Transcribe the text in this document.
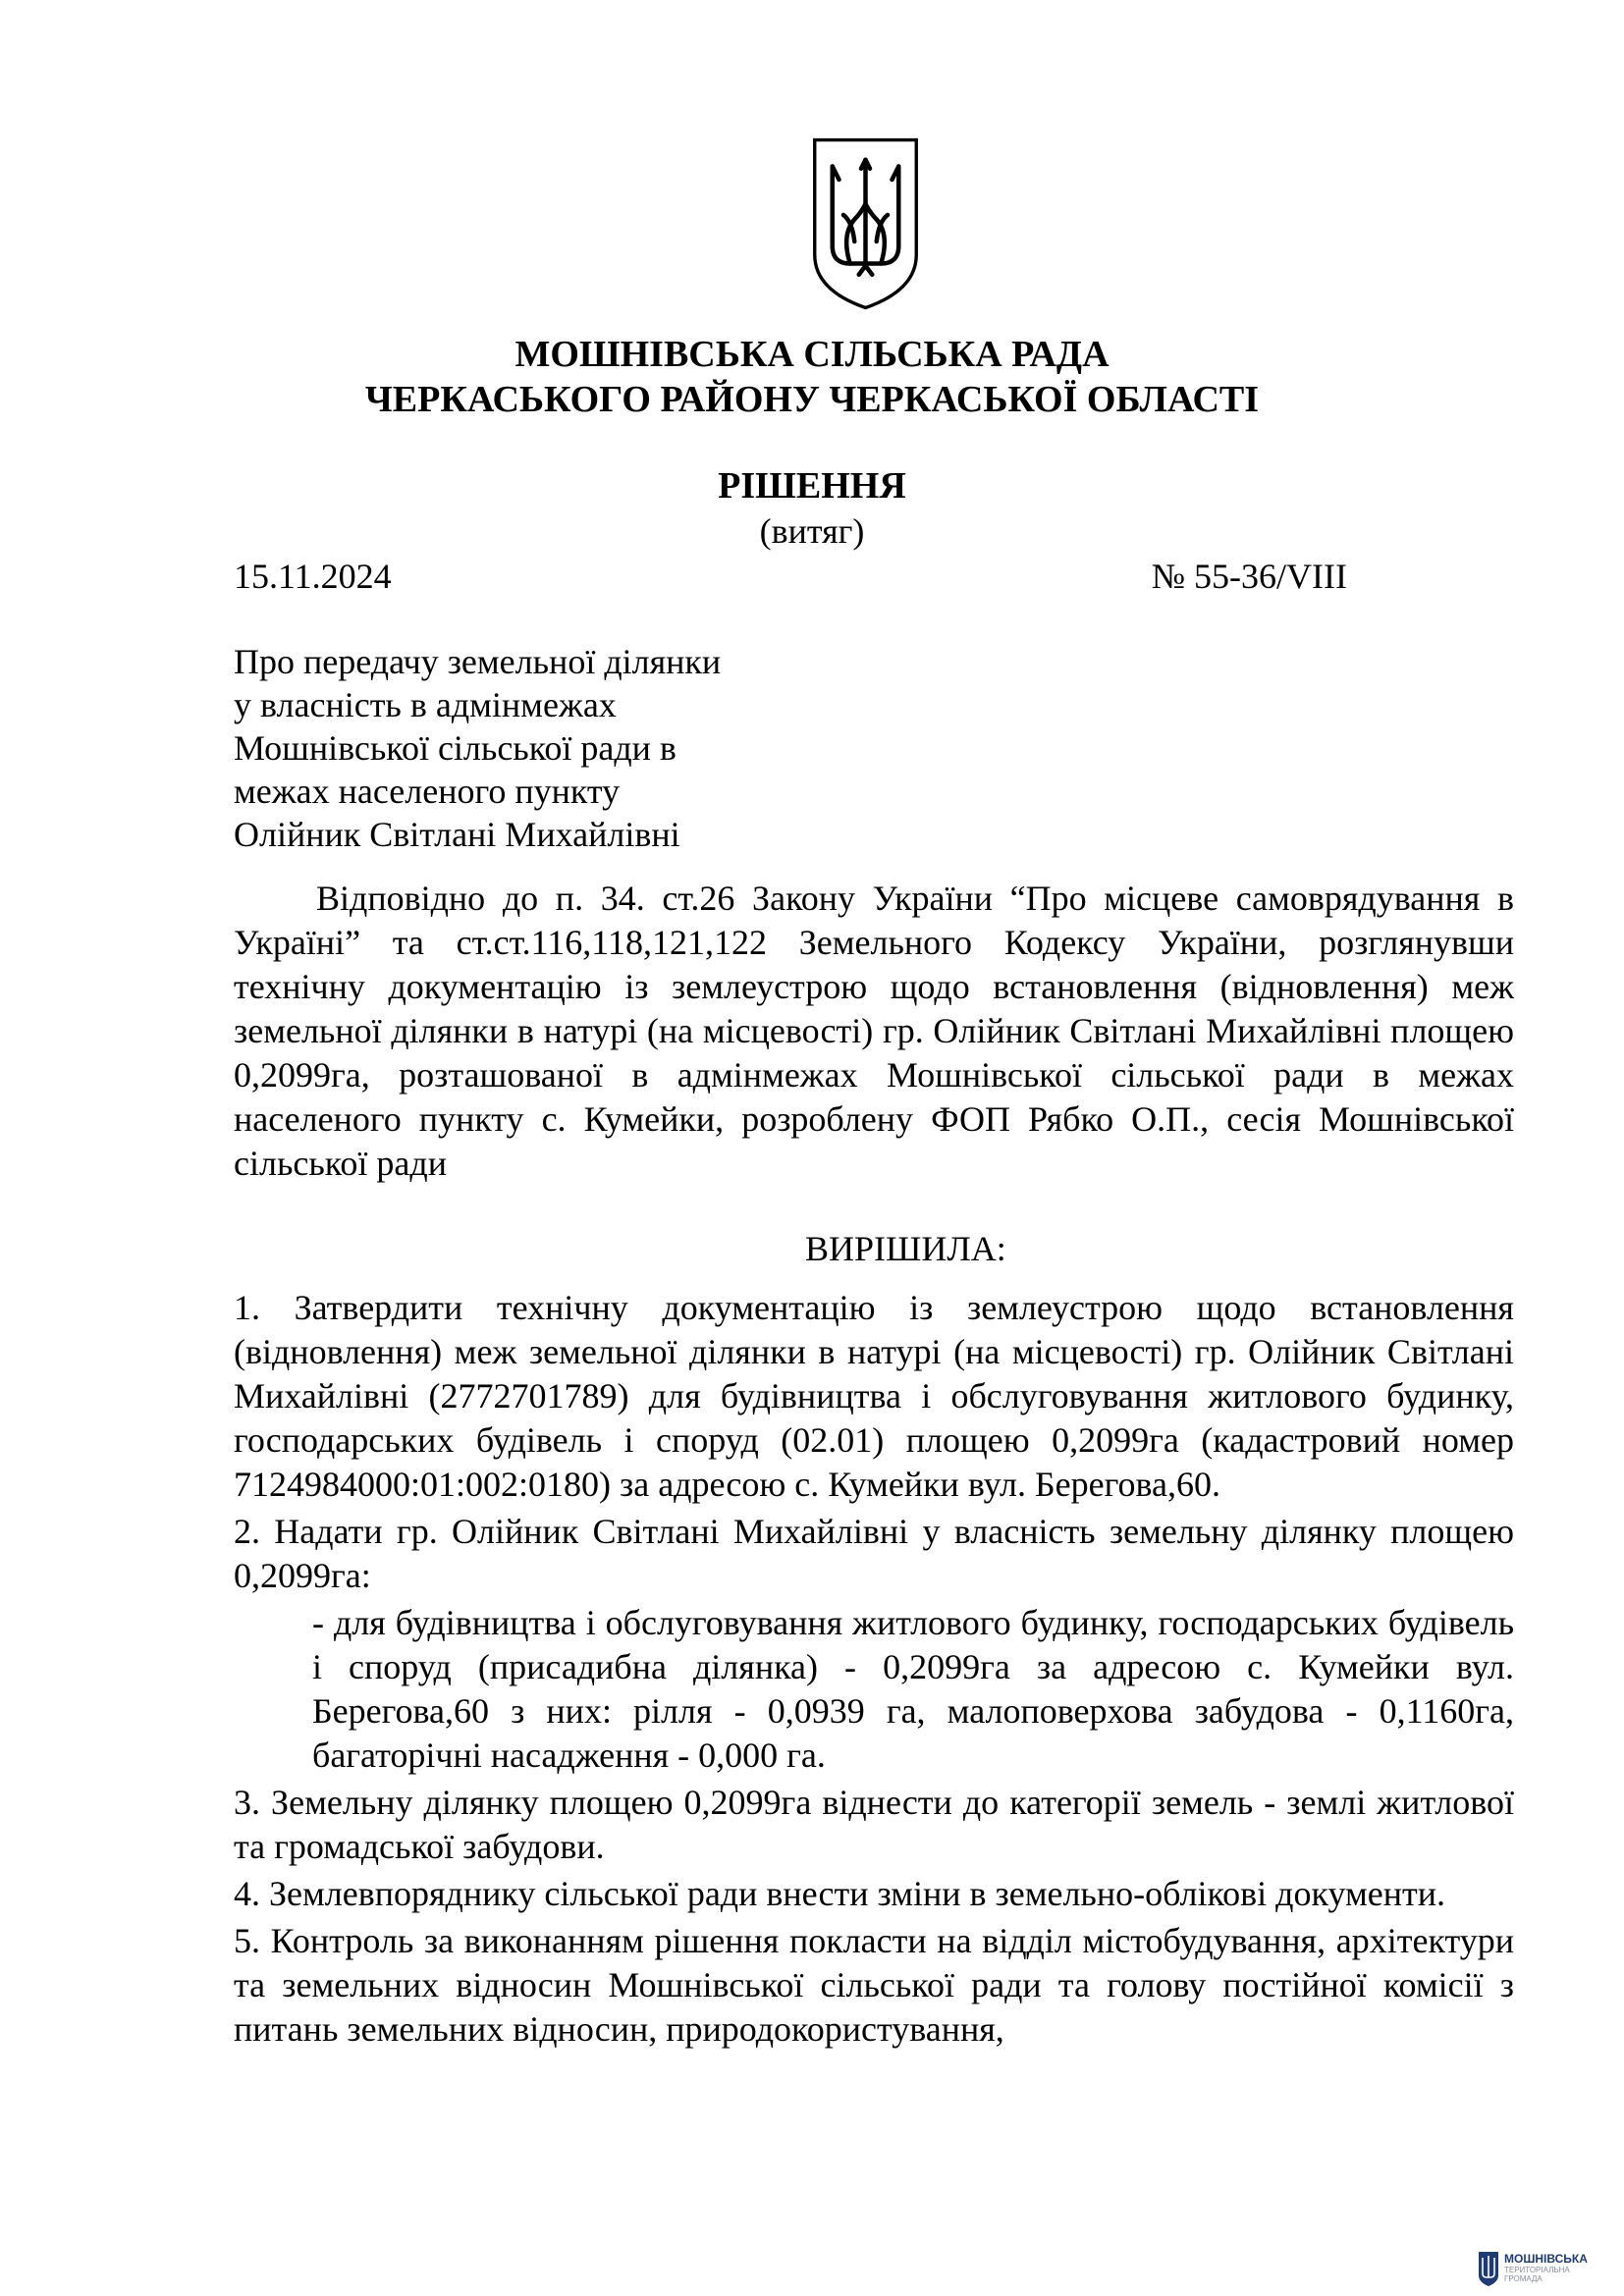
МОШНІВСЬКА СІЛЬСЬКА РАДА
ЧЕРКАСЬКОГО РАЙОНУ ЧЕРКАСЬКОЇ ОБЛАСТІ
РІШЕННЯ
(витяг)
15.11.2024	№ 55-36/VIII
Про передачу земельної ділянки
у власність в адмінмежах
Мошнівської сільської ради в
межах населеного пункту
Олійник Світлані Михайлівні

Відповідно до п. 34. ст.26 Закону України “Про місцеве самоврядування в Україні” та ст.ст.116,118,121,122 Земельного Кодексу України, розглянувши технічну документацію із землеустрою щодо встановлення (відновлення) меж земельної ділянки в натурі (на місцевості) гр. Олійник Світлані Михайлівні площею 0,2099га, розташованої в адмінмежах Мошнівської сільської ради в межах населеного пункту с. Кумейки, розроблену ФОП Рябко О.П., сесія Мошнівської сільської ради

ВИРІШИЛА:

1. Затвердити технічну документацію із землеустрою щодо встановлення (відновлення) меж земельної ділянки в натурі (на місцевості) гр. Олійник Світлані Михайлівні (2772701789) для будівництва і обслуговування житлового будинку, господарських будівель і споруд (02.01) площею 0,2099га (кадастровий номер 7124984000:01:002:0180) за адресою с. Кумейки вул. Берегова,60.

2. Надати гр. Олійник Світлані Михайлівні у власність земельну ділянку площею 0,2099га:

- для будівництва і обслуговування житлового будинку, господарських будівель і споруд (присадибна ділянка) - 0,2099га за адресою с. Кумейки вул. Берегова,60 з них: рілля - 0,0939 га, малоповерхова забудова - 0,1160га, багаторічні насадження - 0,000 га.

3. Земельну ділянку площею 0,2099га віднести до категорії земель - землі житлової та громадської забудови.

4. Землевпоряднику сільської ради внести зміни в земельно-облікові документи.

5. Контроль за виконанням рішення покласти на відділ містобудування, архітектури та земельних відносин Мошнівської сільської ради та голову постійної комісії з питань земельних відносин, природокористування,

МОШНІВСЬКА
ТЕРИТОРІАЛЬНА
ГРОМАДА
